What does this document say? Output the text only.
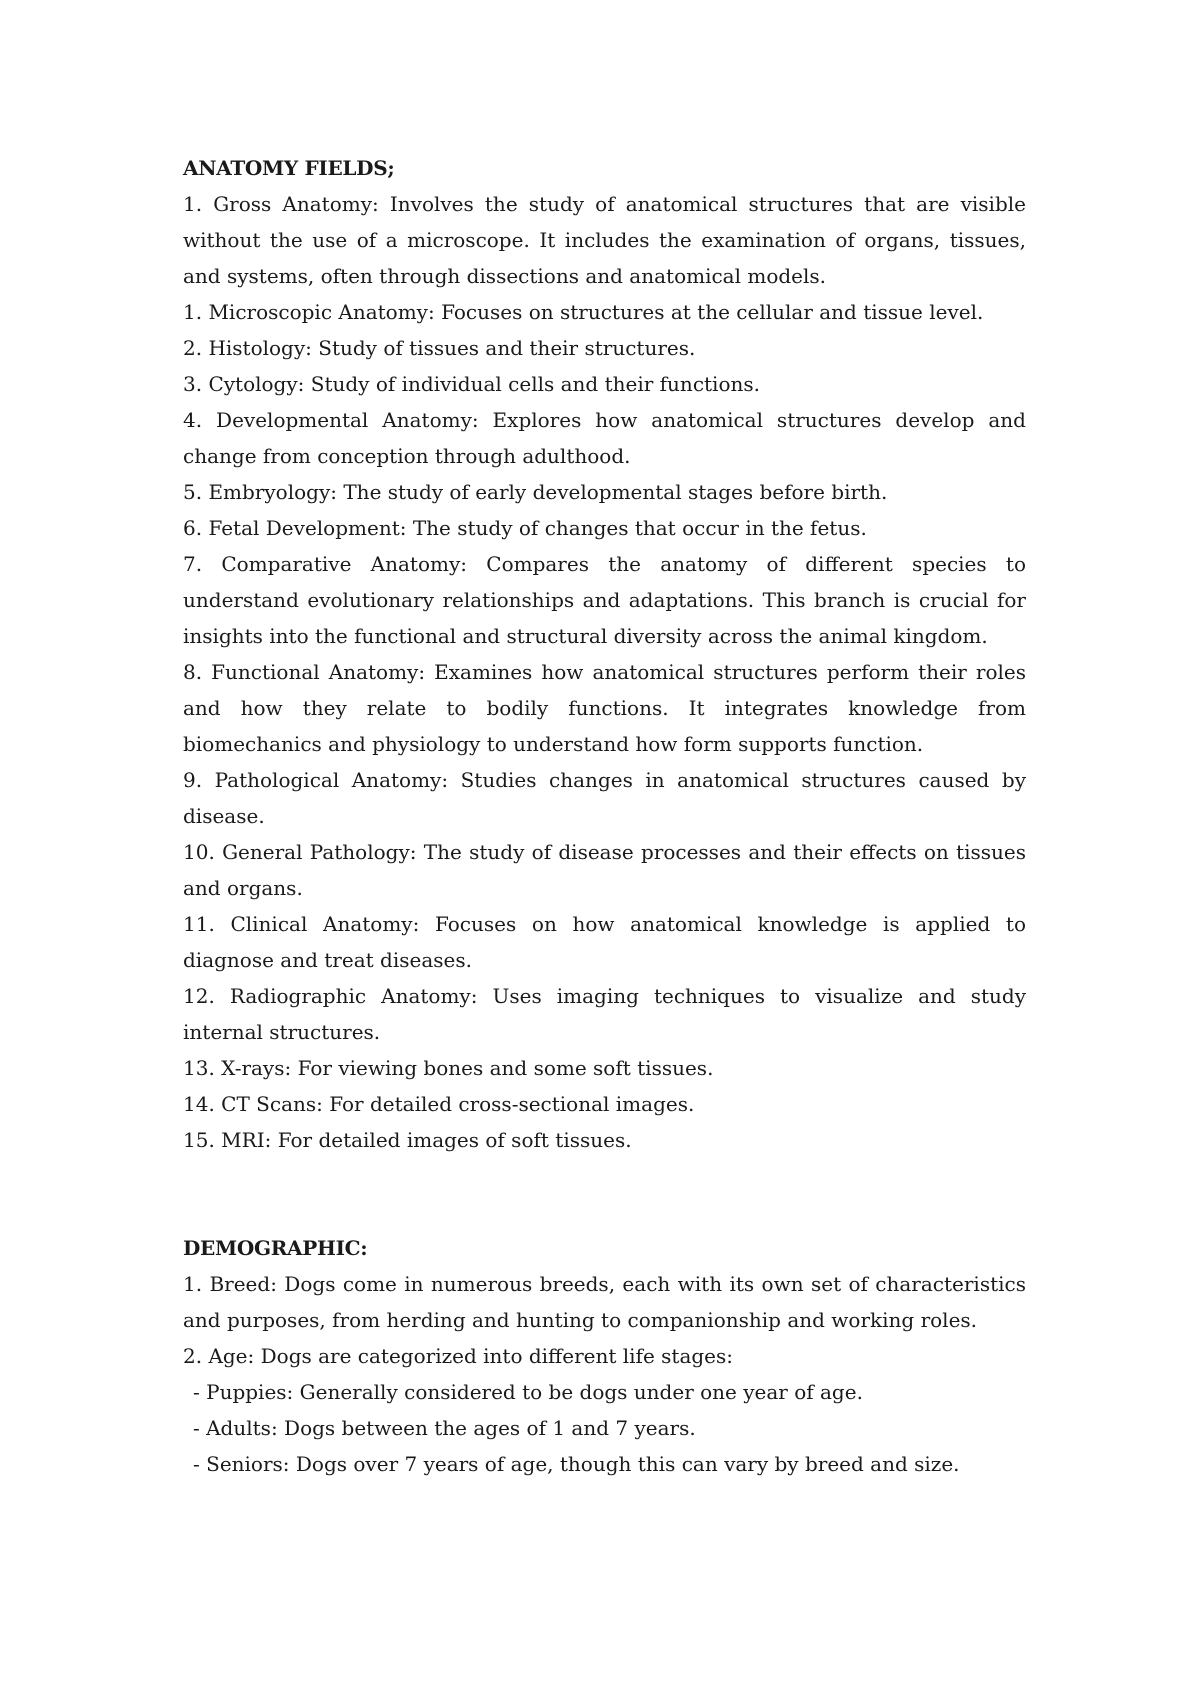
ANATOMY FIELDS;

1. Gross Anatomy: Involves the study of anatomical structures that are visible without the use of a microscope. It includes the examination of organs, tissues, and systems, often through dissections and anatomical models.

1. Microscopic Anatomy: Focuses on structures at the cellular and tissue level.

2. Histology: Study of tissues and their structures.

3. Cytology: Study of individual cells and their functions.

4. Developmental Anatomy: Explores how anatomical structures develop and change from conception through adulthood.

5. Embryology: The study of early developmental stages before birth.

6. Fetal Development: The study of changes that occur in the fetus.

7. Comparative Anatomy: Compares the anatomy of different species to understand evolutionary relationships and adaptations. This branch is crucial for insights into the functional and structural diversity across the animal kingdom.

8. Functional Anatomy: Examines how anatomical structures perform their roles and how they relate to bodily functions. It integrates knowledge from biomechanics and physiology to understand how form supports function.

9. Pathological Anatomy: Studies changes in anatomical structures caused by disease.

10. General Pathology: The study of disease processes and their effects on tissues and organs.

11. Clinical Anatomy: Focuses on how anatomical knowledge is applied to diagnose and treat diseases.

12. Radiographic Anatomy: Uses imaging techniques to visualize and study internal structures.

13. X-rays: For viewing bones and some soft tissues.

14. CT Scans: For detailed cross-sectional images.

15. MRI: For detailed images of soft tissues.

DEMOGRAPHIC:

1. Breed: Dogs come in numerous breeds, each with its own set of characteristics and purposes, from herding and hunting to companionship and working roles.

2. Age: Dogs are categorized into different life stages:

- Puppies: Generally considered to be dogs under one year of age.

- Adults: Dogs between the ages of 1 and 7 years.

- Seniors: Dogs over 7 years of age, though this can vary by breed and size.
